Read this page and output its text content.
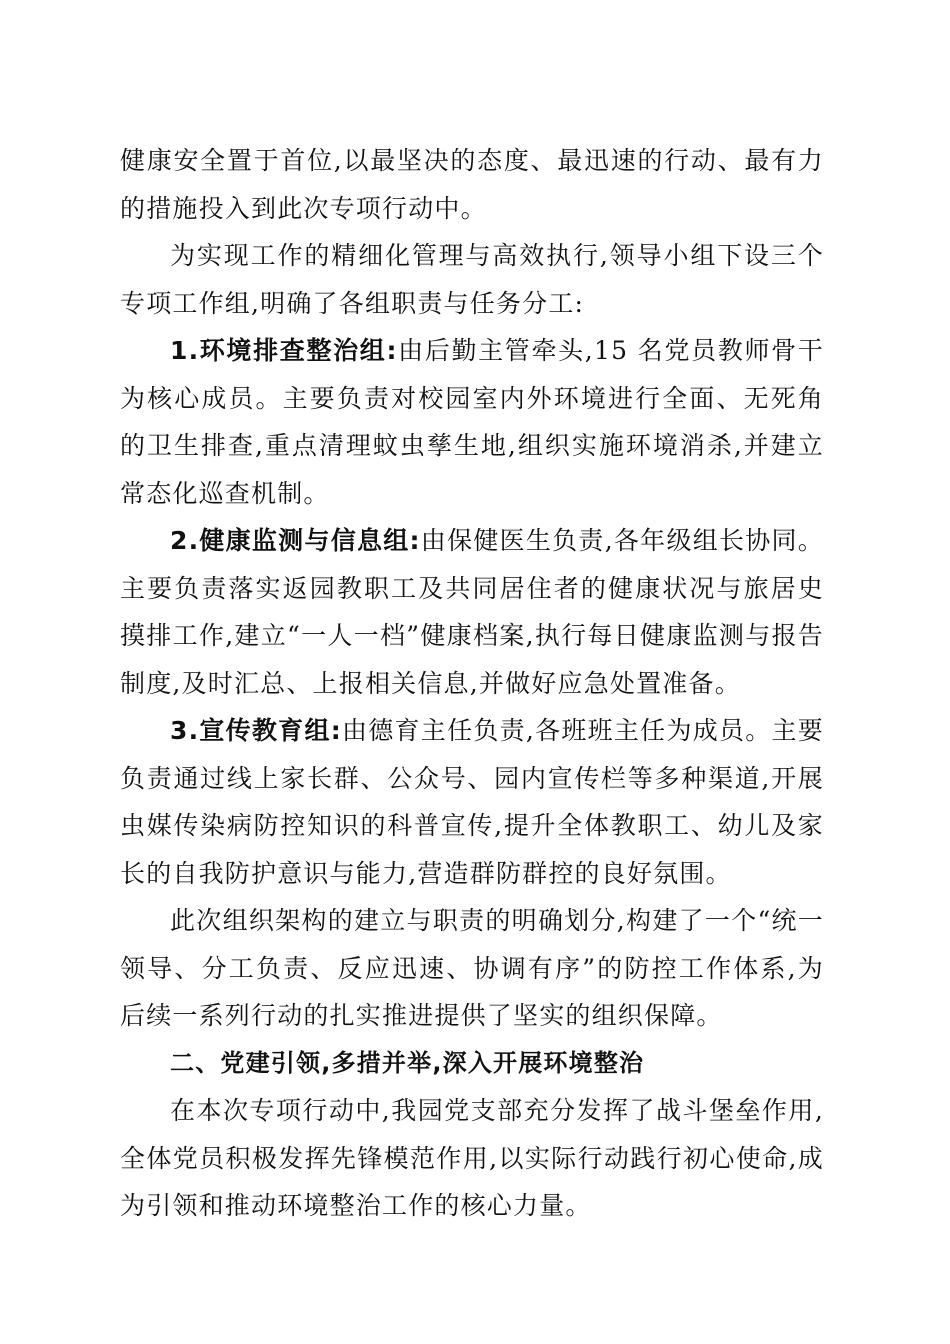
健康安全置于首位,以最坚决的态度、最迅速的行动、最有力的措施投入到此次专项行动中。

为实现工作的精细化管理与高效执行,领导小组下设三个专项工作组,明确了各组职责与任务分工:

1.环境排查整治组:由后勤主管牵头,15 名党员教师骨干为核心成员。主要负责对校园室内外环境进行全面、无死角的卫生排查,重点清理蚊虫孳生地,组织实施环境消杀,并建立常态化巡查机制。

2.健康监测与信息组:由保健医生负责,各年级组长协同。主要负责落实返园教职工及共同居住者的健康状况与旅居史摸排工作,建立“一人一档”健康档案,执行每日健康监测与报告制度,及时汇总、上报相关信息,并做好应急处置准备。

3.宣传教育组:由德育主任负责,各班班主任为成员。主要负责通过线上家长群、公众号、园内宣传栏等多种渠道,开展虫媒传染病防控知识的科普宣传,提升全体教职工、幼儿及家长的自我防护意识与能力,营造群防群控的良好氛围。

此次组织架构的建立与职责的明确划分,构建了一个“统一领导、分工负责、反应迅速、协调有序”的防控工作体系,为后续一系列行动的扎实推进提供了坚实的组织保障。

二、党建引领,多措并举,深入开展环境整治

在本次专项行动中,我园党支部充分发挥了战斗堡垒作用,全体党员积极发挥先锋模范作用,以实际行动践行初心使命,成为引领和推动环境整治工作的核心力量。
